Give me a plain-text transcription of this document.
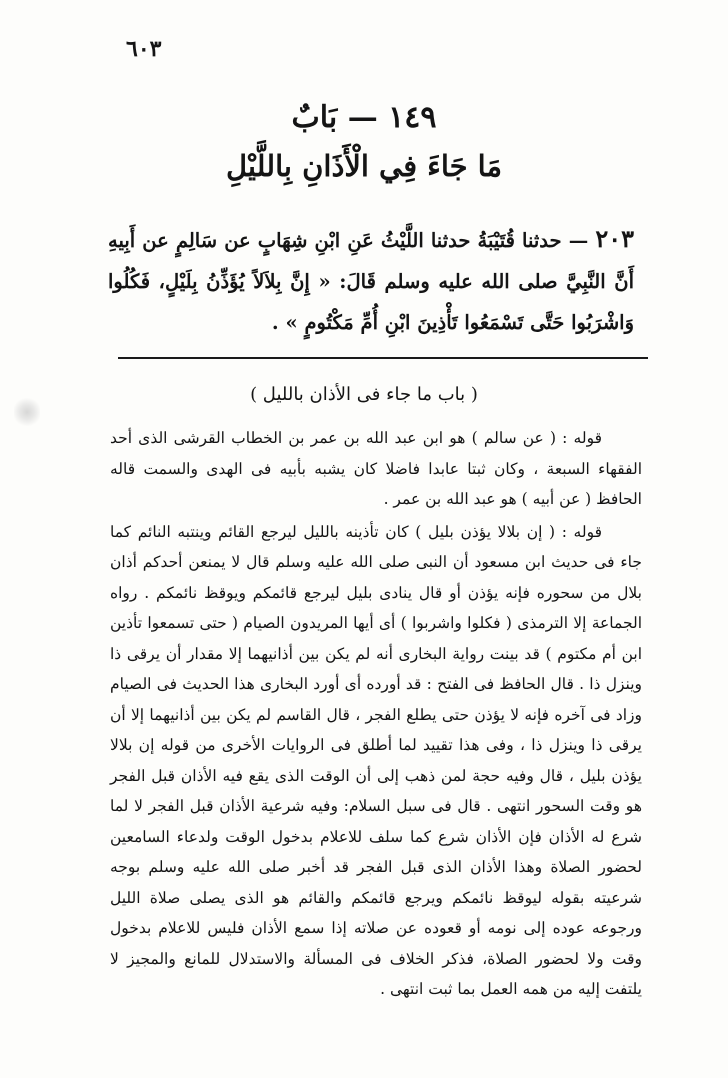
٦٠٣
١٤٩ — بَابٌ
مَا جَاءَ فِي الْأَذَانِ بِاللَّيْلِ
٢٠٣ — حدثنا قُتَيْبَةُ حدثنا اللَّيْثُ عَنِ ابْنِ شِهَابٍ عن سَالِمٍ عن أَبِيهِ أَنَّ النَّبِيَّ صلى الله عليه وسلم قَالَ: « إِنَّ بِلاَلاً يُؤَذِّنُ بِلَيْلٍ، فَكُلُوا وَاشْرَبُوا حَتَّى تَسْمَعُوا تَأْذِينَ ابْنِ أُمِّ مَكْتُومٍ » .
( باب ما جاء فى الأذان بالليل )

قوله : ( عن سالم ) هو ابن عبد الله بن عمر بن الخطاب القرشى الذى أحد الفقهاء السبعة ، وكان ثبتا عابدا فاضلا كان يشبه بأبيه فى الهدى والسمت قاله الحافظ ( عن أبيه ) هو عبد الله بن عمر .

قوله : ( إن بلالا يؤذن بليل ) كان تأذينه بالليل ليرجع القائم وينتبه النائم كما جاء فى حديث ابن مسعود أن النبى صلى الله عليه وسلم قال لا يمنعن أحدكم أذان بلال من سحوره فإنه يؤذن أو قال ينادى بليل ليرجع قائمكم ويوقظ نائمكم . رواه الجماعة إلا الترمذى ( فكلوا واشربوا ) أى أيها المريدون الصيام ( حتى تسمعوا تأذين ابن أم مكتوم ) قد بينت رواية البخارى أنه لم يكن بين أذانيهما إلا مقدار أن يرقى ذا وينزل ذا . قال الحافظ فى الفتح : قد أورده أى أورد البخارى هذا الحديث فى الصيام وزاد فى آخره فإنه لا يؤذن حتى يطلع الفجر ، قال القاسم لم يكن بين أذانيهما إلا أن يرقى ذا وينزل ذا ، وفى هذا تقييد لما أطلق فى الروايات الأخرى من قوله إن بلالا يؤذن بليل ، قال وفيه حجة لمن ذهب إلى أن الوقت الذى يقع فيه الأذان قبل الفجر هو وقت السحور انتهى . قال فى سبل السلام: وفيه شرعية الأذان قبل الفجر لا لما شرع له الأذان فإن الأذان شرع كما سلف للاعلام بدخول الوقت ولدعاء السامعين لحضور الصلاة وهذا الأذان الذى قبل الفجر قد أخبر صلى الله عليه وسلم بوجه شرعيته بقوله ليوقظ نائمكم ويرجع قائمكم والقائم هو الذى يصلى صلاة الليل ورجوعه عوده إلى نومه أو قعوده عن صلاته إذا سمع الأذان فليس للاعلام بدخول وقت ولا لحضور الصلاة، فذكر الخلاف فى المسألة والاستدلال للمانع والمجيز لا يلتفت إليه من همه العمل بما ثبت انتهى .
